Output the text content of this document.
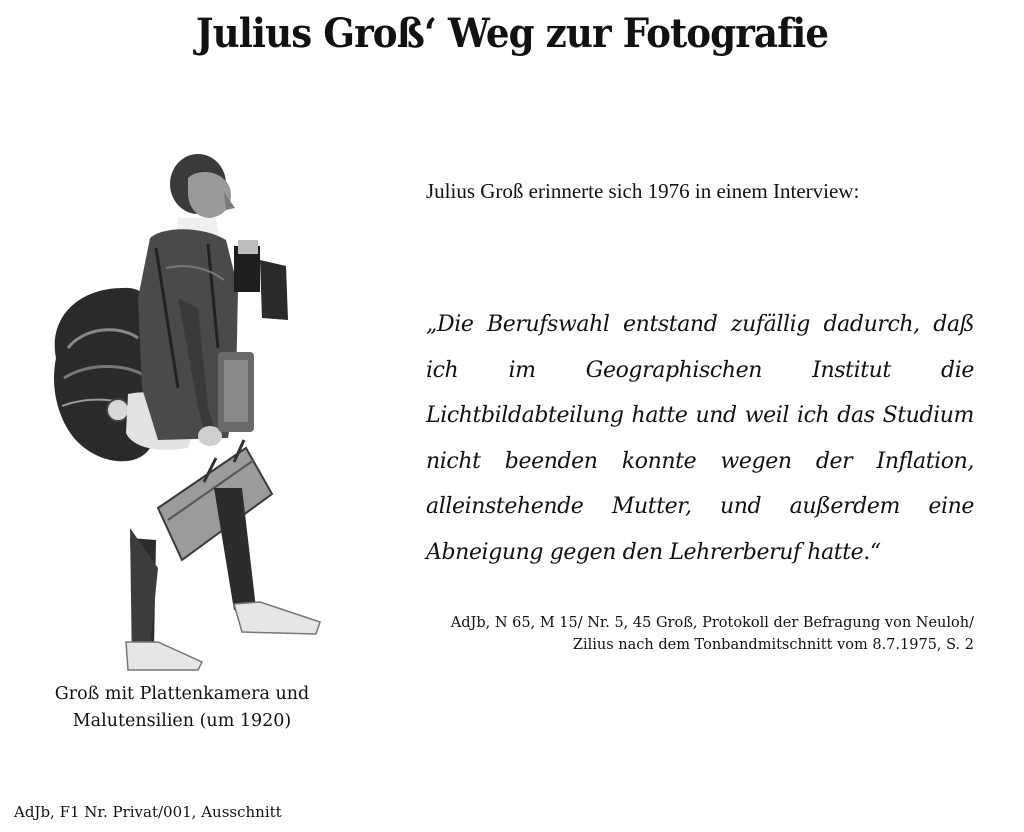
Julius Groß‘ Weg zur Fotografie
Groß mit Plattenkamera und
Malutensilien (um 1920)
Julius Groß erinnerte sich 1976 in einem Interview:
„Die Berufswahl entstand zufällig dadurch, daß ich im Geographischen Institut die Lichtbildabteilung hatte und weil ich das Studium nicht beenden konnte wegen der Inflation, alleinstehende Mutter, und außerdem eine Abneigung gegen den Lehrerberuf hatte.“
AdJb, N 65, M 15/ Nr. 5, 45 Groß, Protokoll der Befragung von Neuloh/
Zilius nach dem Tonbandmitschnitt vom 8.7.1975, S. 2
AdJb, F1 Nr. Privat/001, Ausschnitt
